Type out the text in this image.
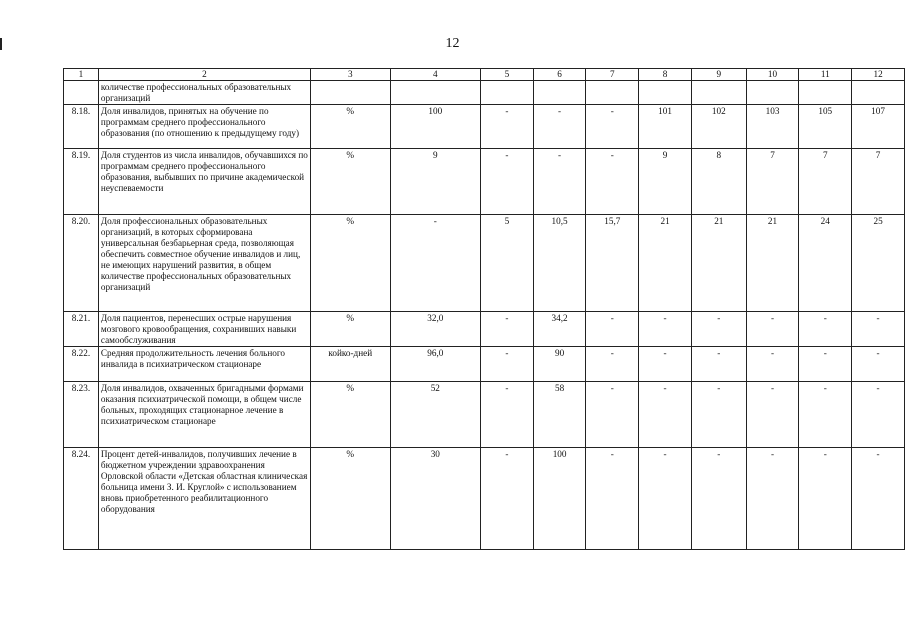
12
1	2	3	4	5	6	7	8	9	10	11	12
	количестве профессиональных образовательных организаций										
8.18.	Доля инвалидов, принятых на обучение по программам среднего профессионального образования (по отношению к предыдущему году)	%	100	-	-	-	101	102	103	105	107
8.19.	Доля студентов из числа инвалидов, обучавшихся по программам среднего профессионального образования, выбывших по причине академической неуспеваемости	%	9	-	-	-	9	8	7	7	7
8.20.	Доля профессиональных образовательных организаций, в которых сформирована универсальная безбарьерная среда, позволяющая обеспечить совместное обучение инвалидов и лиц, не имеющих нарушений развития, в общем количестве профессиональных образовательных организаций	%	-	5	10,5	15,7	21	21	21	24	25
8.21.	Доля пациентов, перенесших острые нарушения мозгового кровообращения, сохранивших навыки самообслуживания	%	32,0	-	34,2	-	-	-	-	-	-
8.22.	Средняя продолжительность лечения больного инвалида в психиатрическом стационаре	койко-дней	96,0	-	90	-	-	-	-	-	-
8.23.	Доля инвалидов, охваченных бригадными формами оказания психиатрической помощи, в общем числе больных, проходящих стационарное лечение в психиатрическом стационаре	%	52	-	58	-	-	-	-	-	-
8.24.	Процент детей-инвалидов, получивших лечение в бюджетном учреждении здравоохранения Орловской области «Детская областная клиническая больница имени З. И. Круглой» с использованием вновь приобретенного реабилитационного оборудования	%	30	-	100	-	-	-	-	-	-
